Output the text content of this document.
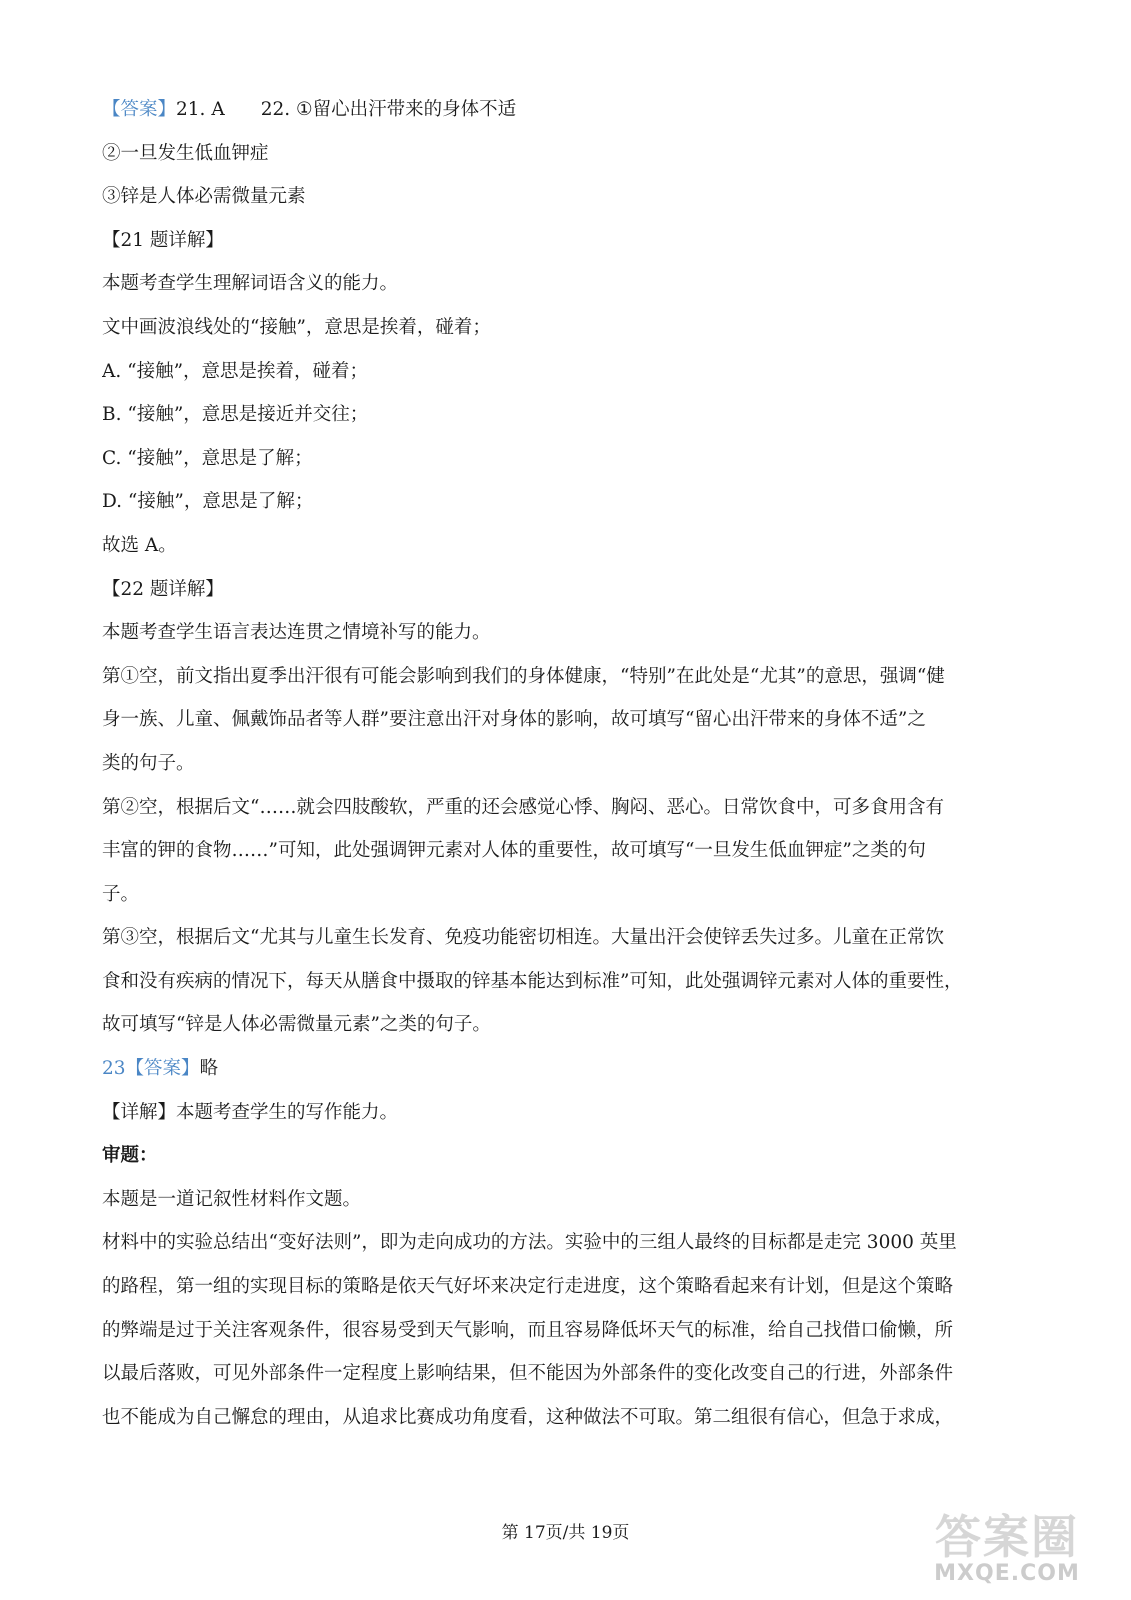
【答案】21. A 22. ①留心出汗带来的身体不适
②一旦发生低血钾症
③锌是人体必需微量元素
【21 题详解】
本题考查学生理解词语含义的能力。
文中画波浪线处的“接触”，意思是挨着，碰着；
A. “接触”，意思是挨着，碰着；
B. “接触”，意思是接近并交往；
C. “接触”，意思是了解；
D. “接触”，意思是了解；
故选 A。
【22 题详解】
本题考查学生语言表达连贯之情境补写的能力。
第①空，前文指出夏季出汗很有可能会影响到我们的身体健康，“特别”在此处是“尤其”的意思，强调“健
身一族、儿童、佩戴饰品者等人群”要注意出汗对身体的影响，故可填写“留心出汗带来的身体不适”之
类的句子。
第②空，根据后文“……就会四肢酸软，严重的还会感觉心悸、胸闷、恶心。日常饮食中，可多食用含有
丰富的钾的食物……”可知，此处强调钾元素对人体的重要性，故可填写“一旦发生低血钾症”之类的句
子。
第③空，根据后文“尤其与儿童生长发育、免疫功能密切相连。大量出汗会使锌丢失过多。儿童在正常饮
食和没有疾病的情况下，每天从膳食中摄取的锌基本能达到标准”可知，此处强调锌元素对人体的重要性，
故可填写“锌是人体必需微量元素”之类的句子。
23【答案】略
【详解】本题考查学生的写作能力。
审题：
本题是一道记叙性材料作文题。
材料中的实验总结出“变好法则”，即为走向成功的方法。实验中的三组人最终的目标都是走完 3000 英里
的路程，第一组的实现目标的策略是依天气好坏来决定行走进度，这个策略看起来有计划，但是这个策略
的弊端是过于关注客观条件，很容易受到天气影响，而且容易降低坏天气的标准，给自己找借口偷懒，所
以最后落败，可见外部条件一定程度上影响结果，但不能因为外部条件的变化改变自己的行进，外部条件
也不能成为自己懈怠的理由，从追求比赛成功角度看，这种做法不可取。第二组很有信心，但急于求成，
第 17页/共 19页	答案圈
MXQE.COM
